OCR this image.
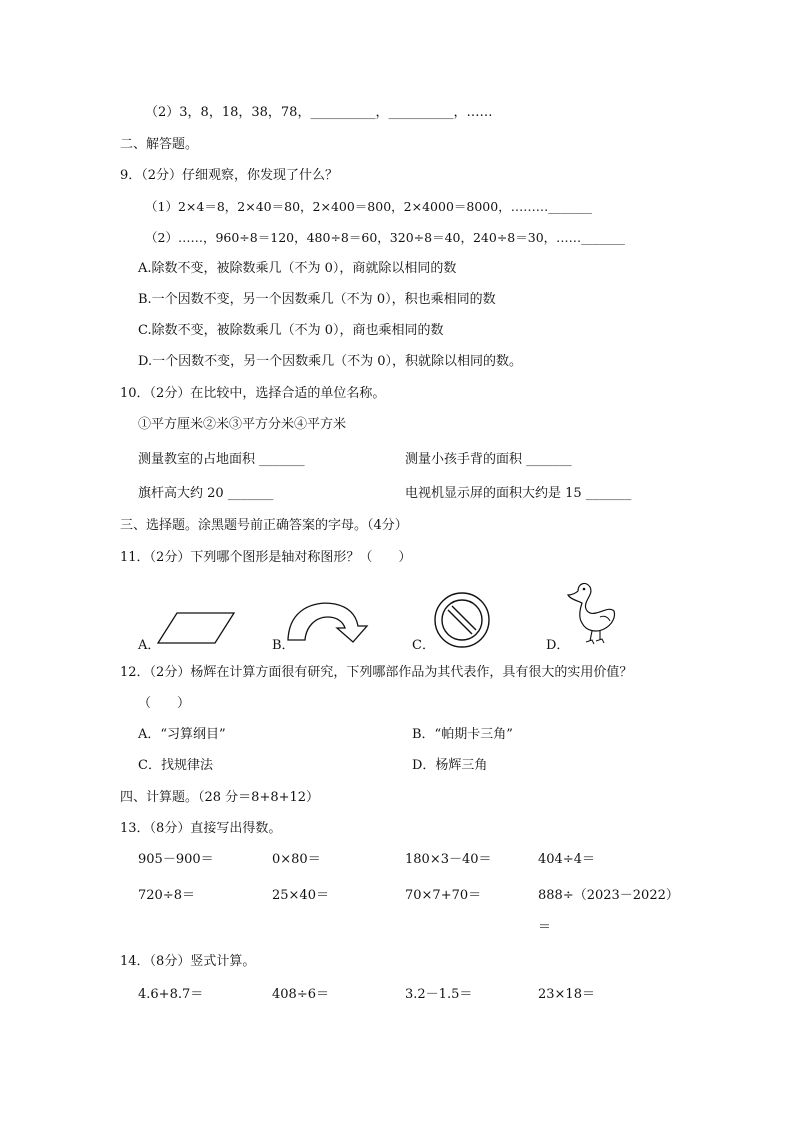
（2）3，8，18，38，78，__________，__________，……
二、解答题。
9．（2分）仔细观察，你发现了什么？
（1）2×4＝8，2×40＝80，2×400＝800，2×4000＝8000，………_______
（2）……，960÷8＝120，480÷8＝60，320÷8＝40，240÷8＝30，……_______
A.除数不变，被除数乘几（不为 0），商就除以相同的数
B.一个因数不变，另一个因数乘几（不为 0），积也乘相同的数
C.除数不变，被除数乘几（不为 0），商也乘相同的数
D.一个因数不变，另一个因数乘几（不为 0），积就除以相同的数。
10．（2分）在比较中，选择合适的单位名称。
①平方厘米②米③平方分米④平方米
测量教室的占地面积 _______	测量小孩手背的面积 _______
旗杆高大约 20 _______	电视机显示屏的面积大约是 15 _______
三、选择题。涂黑题号前正确答案的字母。（4分）
11．（2分）下列哪个图形是轴对称图形？（　　）
A．	B．	C．	D．
12．（2分）杨辉在计算方面很有研究，下列哪部作品为其代表作，具有很大的实用价值？
（　　）
A．“习算纲目”	B．“帕期卡三角”
C．找规律法	D．杨辉三角
四、计算题。（28 分＝8+8+12）
13．（8分）直接写出得数。
905－900＝	0×80＝	180×3－40＝	404÷4＝
720÷8＝	25×40＝	70×7+70＝	888÷（2023－2022）
＝
14．（8分）竖式计算。
4.6+8.7＝	408÷6＝	3.2－1.5＝	23×18＝
